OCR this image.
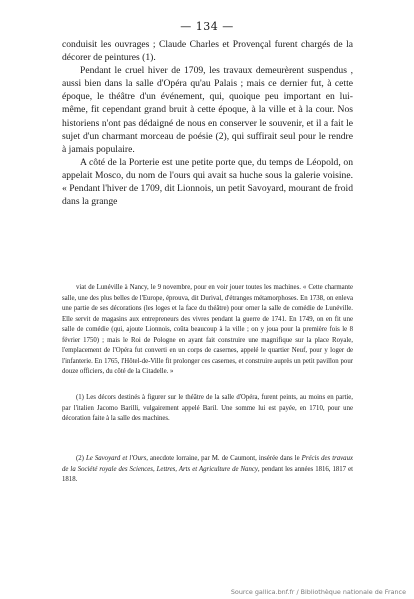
— 134 —

conduisit les ouvrages ; Claude Charles et Provençal furent chargés de la décorer de peintures (1).

Pendant le cruel hiver de 1709, les travaux demeurèrent suspendus , aussi bien dans la salle d'Opéra qu'au Palais ; mais ce dernier fut, à cette époque, le théâtre d'un événement, qui, quoique peu important en lui-même, fit cependant grand bruit à cette époque, à la ville et à la cour. Nos historiens n'ont pas dédaigné de nous en conserver le souvenir, et il a fait le sujet d'un charmant morceau de poésie (2), qui suffirait seul pour le rendre à jamais populaire.

A côté de la Porterie est une petite porte que, du temps de Léopold, on appelait Mosco, du nom de l'ours qui avait sa huche sous la galerie voisine. « Pendant l'hiver de 1709, dit Lionnois, un petit Savoyard, mourant de froid dans la grange

viat de Lunéville à Nancy, le 9 novembre, pour en voir jouer toutes les machines. « Cette charmante salle, une des plus belles de l'Europe, éprouva, dit Durival, d'étranges métamorphoses. En 1738, on enleva une partie de ses décorations (les loges et la face du théâtre) pour orner la salle de comédie de Lunéville. Elle servit de magasins aux entrepreneurs des vivres pendant la guerre de 1741. En 1749, on en fit une salle de comédie (qui, ajoute Lionnois, coûta beaucoup à la ville ; on y joua pour la première fois le 8 février 1750) ; mais le Roi de Pologne en ayant fait construire une magnifique sur la place Royale, l'emplacement de l'Opéra fut converti en un corps de casernes, appelé le quartier Neuf, pour y loger de l'infanterie. En 1765, l'Hôtel-de-Ville fit prolonger ces casernes, et construire auprès un petit pavillon pour douze officiers, du côté de la Citadelle. »

(1) Les décors destinés à figurer sur le théâtre de la salle d'Opéra, furent peints, au moins en partie, par l'italien Jacomo Barilli, vulgairement appelé Baril. Une somme lui est payée, en 1710, pour une décoration faite à la salle des machines.

(2) Le Savoyard et l'Ours, anecdote lorraine, par M. de Caumont, insérée dans le Précis des travaux de la Société royale des Sciences, Lettres, Arts et Agriculture de Nancy, pendant les années 1816, 1817 et 1818.

Source gallica.bnf.fr / Bibliothèque nationale de France
